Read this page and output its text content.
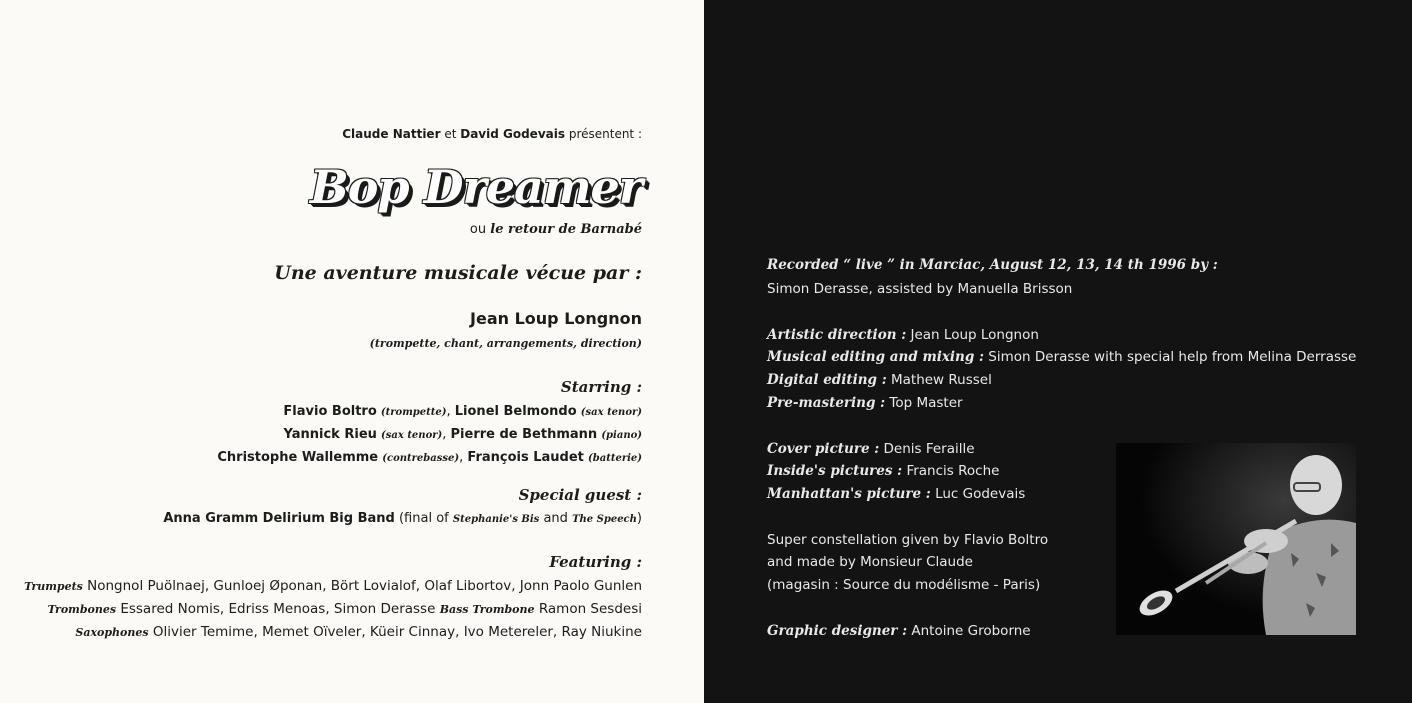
Claude Nattier et David Godevais présentent :
Bop Dreamer
ou le retour de Barnabé
Une aventure musicale vécue par :
Jean Loup Longnon
(trompette, chant, arrangements, direction)
Starring :
Flavio Boltro (trompette), Lionel Belmondo (sax tenor)
Yannick Rieu (sax tenor), Pierre de Bethmann (piano)
Christophe Wallemme (contrebasse), François Laudet (batterie)
Special guest :
Anna Gramm Delirium Big Band (final of Stephanie's Bis and The Speech)
Featuring :
Trumpets Nongnol Puölnaej, Gunloej Øponan, Bört Lovialof, Olaf Libortov, Jonn Paolo Gunlen
Trombones Essared Nomis, Edriss Menoas, Simon Derasse Bass Trombone Ramon Sesdesi
Saxophones Olivier Temime, Memet Oïveler, Küeir Cinnay, Ivo Metereler, Ray Niukine
Recorded “ live ” in Marciac, August 12, 13, 14 th 1996 by :
Simon Derasse, assisted by Manuella Brisson
Artistic direction : Jean Loup Longnon
Musical editing and mixing : Simon Derasse with special help from Melina Derrasse
Digital editing : Mathew Russel
Pre-mastering : Top Master
Cover picture : Denis Feraille
Inside's pictures : Francis Roche
Manhattan's picture : Luc Godevais
Super constellation given by Flavio Boltro
and made by Monsieur Claude
(magasin : Source du modélisme - Paris)
Graphic designer : Antoine Groborne
